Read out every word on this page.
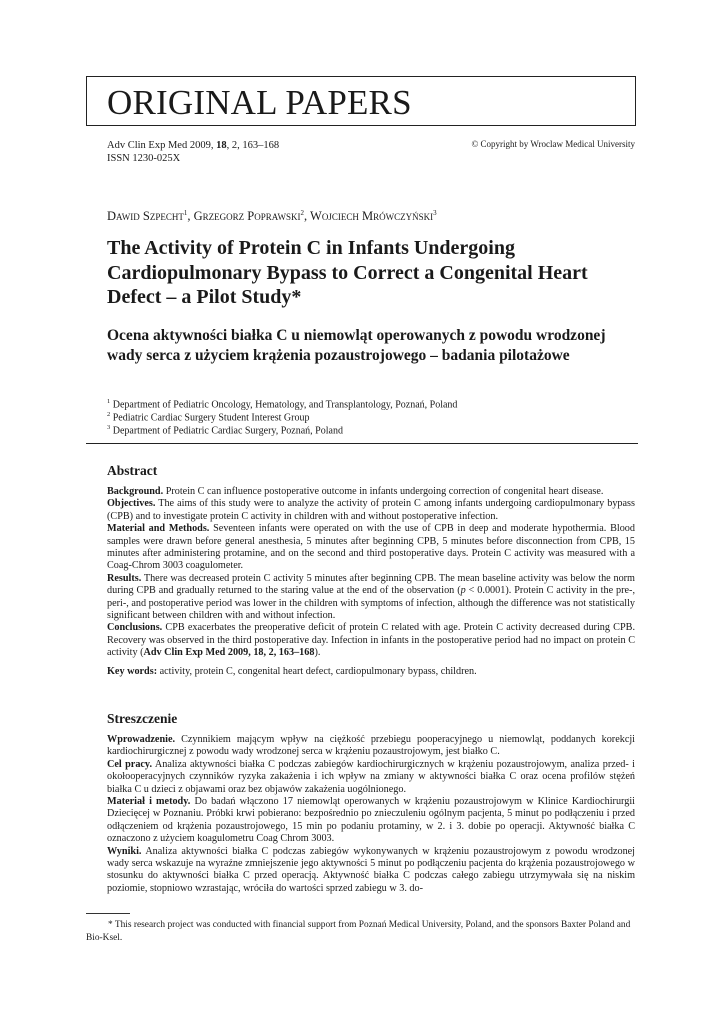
ORIGINAL PAPERS
Adv Clin Exp Med 2009, 18, 2, 163–168
ISSN 1230-025X
© Copyright by Wroclaw Medical University
Dawid Szpecht$^1$, Grzegorz Poprawski$^2$, Wojciech Mrówczyński$^3$
The Activity of Protein C in Infants Undergoing Cardiopulmonary Bypass to Correct a Congenital Heart Defect – a Pilot Study*
Ocena aktywności białka C u niemowląt operowanych z powodu wrodzonej wady serca z użyciem krążenia pozaustrojowego – badania pilotażowe
$^1$ Department of Pediatric Oncology, Hematology, and Transplantology, Poznań, Poland
$^2$ Pediatric Cardiac Surgery Student Interest Group
$^3$ Department of Pediatric Cardiac Surgery, Poznań, Poland
Abstract
Background. Protein C can influence postoperative outcome in infants undergoing correction of congenital heart disease.
Objectives. The aims of this study were to analyze the activity of protein C among infants undergoing cardiopulmonary bypass (CPB) and to investigate protein C activity in children with and without postoperative infection.
Material and Methods. Seventeen infants were operated on with the use of CPB in deep and moderate hypothermia. Blood samples were drawn before general anesthesia, 5 minutes after beginning CPB, 5 minutes before disconnection from CPB, 15 minutes after administering protamine, and on the second and third postoperative days. Protein C activity was measured with a Coag-Chrom 3003 coagulometer.
Results. There was decreased protein C activity 5 minutes after beginning CPB. The mean baseline activity was below the norm during CPB and gradually returned to the staring value at the end of the observation (p < 0.0001). Protein C activity in the pre-, peri-, and postoperative period was lower in the children with symptoms of infection, although the difference was not statistically significant between children with and without infection.
Conclusions. CPB exacerbates the preoperative deficit of protein C related with age. Protein C activity decreased during CPB. Recovery was observed in the third postoperative day. Infection in infants in the postoperative period had no impact on protein C activity (Adv Clin Exp Med 2009, 18, 2, 163–168).
Key words: activity, protein C, congenital heart defect, cardiopulmonary bypass, children.
Streszczenie
Wprowadzenie. Czynnikiem mającym wpływ na ciężkość przebiegu pooperacyjnego u niemowląt, poddanych korekcji kardiochirurgicznej z powodu wady wrodzonej serca w krążeniu pozaustrojowym, jest białko C.
Cel pracy. Analiza aktywności białka C podczas zabiegów kardiochirurgicznych w krążeniu pozaustrojowym, analiza przed- i okołooperacyjnych czynników ryzyka zakażenia i ich wpływ na zmiany w aktywności białka C oraz ocena profilów stężeń białka C u dzieci z objawami oraz bez objawów zakażenia uogólnionego.
Materiał i metody. Do badań włączono 17 niemowląt operowanych w krążeniu pozaustrojowym w Klinice Kardiochirurgii Dziecięcej w Poznaniu. Próbki krwi pobierano: bezpośrednio po znieczuleniu ogólnym pacjenta, 5 minut po podłączeniu i przed odłączeniem od krążenia pozaustrojowego, 15 min po podaniu protaminy, w 2. i 3. dobie po operacji. Aktywność białka C oznaczono z użyciem koagulometru Coag Chrom 3003.
Wyniki. Analiza aktywności białka C podczas zabiegów wykonywanych w krążeniu pozaustrojowym z powodu wrodzonej wady serca wskazuje na wyraźne zmniejszenie jego aktywności 5 minut po podłączeniu pacjenta do krążenia pozaustrojowego w stosunku do aktywności białka C przed operacją. Aktywność białka C podczas całego zabiegu utrzymywała się na niskim poziomie, stopniowo wzrastając, wróciła do wartości sprzed zabiegu w 3. do-
* This research project was conducted with financial support from Poznań Medical University, Poland, and the sponsors Baxter Poland and Bio-Ksel.
